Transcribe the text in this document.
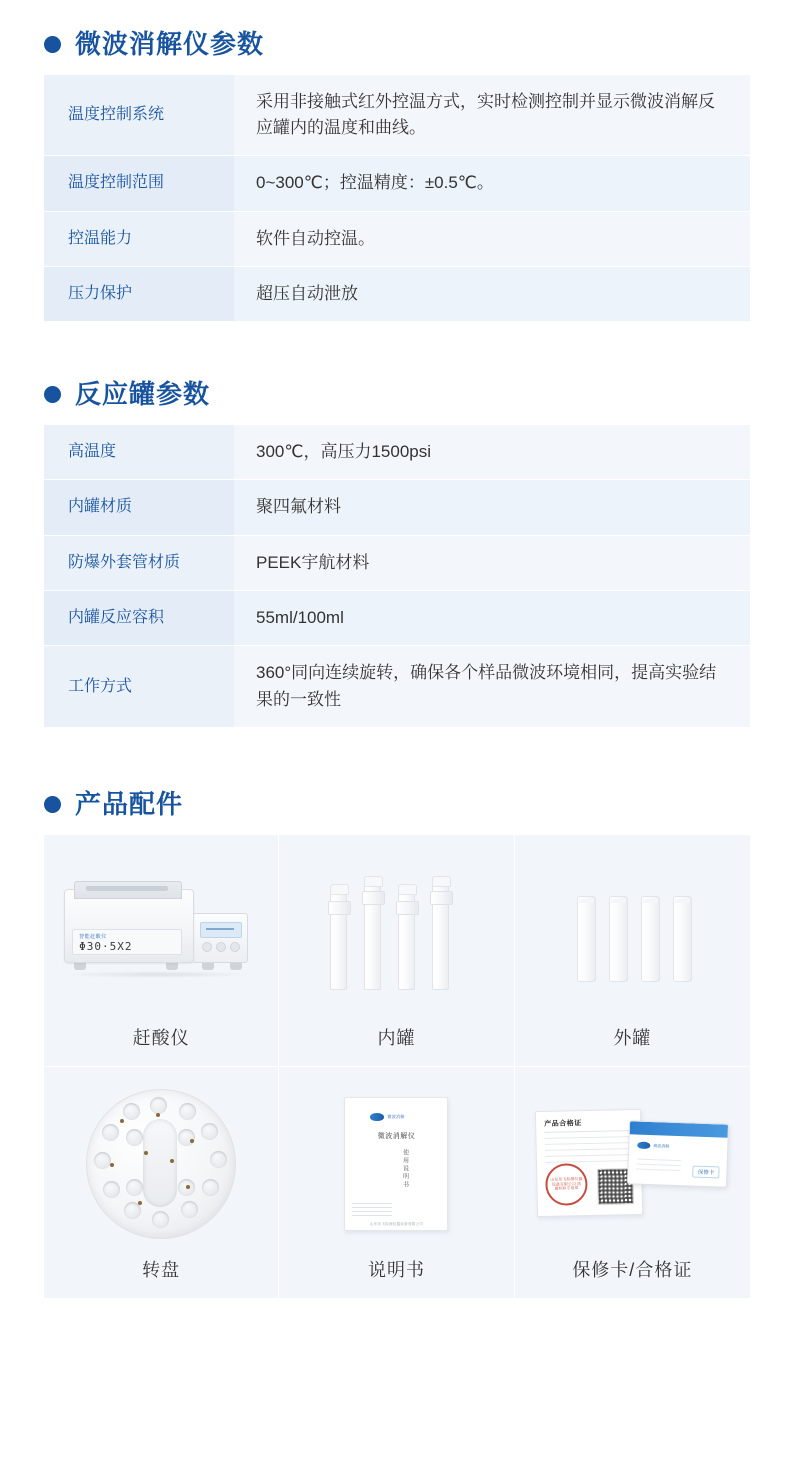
微波消解仪参数
温度控制系统	采用非接触式红外控温方式，实时检测控制并显示微波消解反应罐内的温度和曲线。
温度控制范围	0~300℃；控温精度：±0.5℃。
控温能力	软件自动控温。
压力保护	超压自动泄放
反应罐参数
高温度	300℃，高压力1500psi
内罐材质	聚四氟材料
防爆外套管材质	PEEK宇航材料
内罐反应容积	55ml/100ml
工作方式	360°同向连续旋转，确保各个样品微波环境相同，提高实验结果的一致性
产品配件
智能赶酸仪
Φ30·5X2
赶酸仪	内罐	外罐
转盘
微波消解
微波消解仪
使用说明书
山东乐飞检测仪器设备有限公司
说明书
产品合格证
山东乐飞检测仪器设备有限公司 质量检验专用章
微波消解
保修卡
保修卡/合格证
